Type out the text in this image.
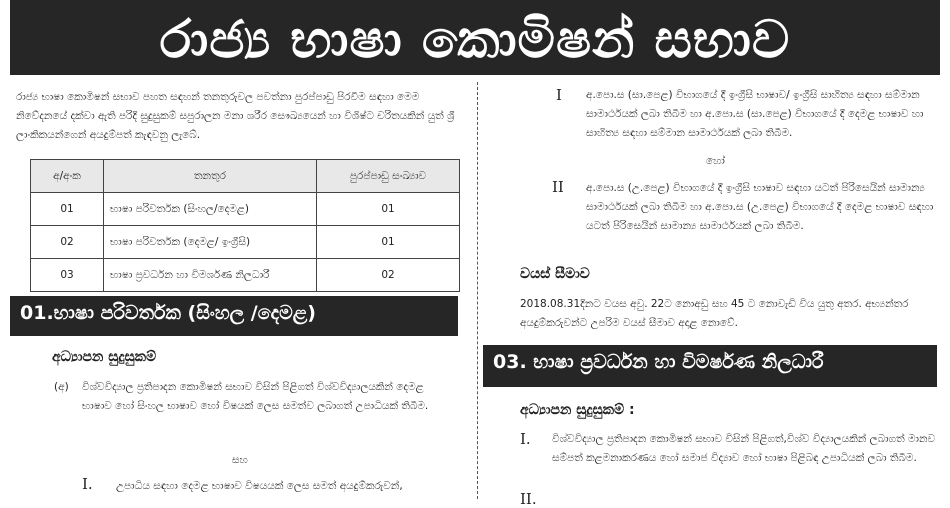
රාජ්‍ය භාෂා කොමිෂන් සභාව

රාජ්‍ය භාෂා කොමිෂන් සභාව පහත සඳහන් තනතුරුවල පවත්නා පුරප්පාඩු පිරවීම සඳහා මෙම නිවේදනයේ දක්වා ඇති පරිදි සුදුසුකම් සපුරාලන මනා ශරීර සෞඛ්‍යයෙන් හා විශිෂ්ට චරිතයකින් යුත් ශ්‍රී ලාංකිකයන්ගෙන් අයදුම්පත් කැඳවනු ලැබේ.

අ/අංක	තනතුර	පුරප්පාඩු සංඛ්‍යාව
01	භාෂා පරිවර්තක (සිංහල/දෙමළ)	01
02	භාෂා පරිවර්තක (දෙමළ/ ඉංග්‍රීසි)	01
03	භාෂා ප්‍රවර්ධන හා විමර්ශණ නිලධාරී	02
01.භාෂා පරිවර්තක (සිංහල /දෙමළ)
අධ්‍යාපන සුදුසුකම්
(අ) විශ්වවිද්‍යාල ප්‍රතිපාදන කොමිෂන් සභාව විසින් පිළිගත් විශ්වවිද්‍යාලයකින් දෙමළ භාෂාව හෝ සිංහල භාෂාව හෝ විෂයක් ලෙස සමත්ව ලබාගත් උපාධියක් තිබීම.
සහ
I. උපාධිය සඳහා දෙමළ භාෂාව විෂයයක් ලෙස සමත් අයදුම්කරුවන්,
I අ.පො.ස (සා.පෙළ) විභාගයේ දී ඉංග්‍රීසි භාෂාව/ ඉංග්‍රීසි සාහිත්‍ය සඳහා සම්මාන සාමාර්ථයක් ලබා තිබීම හා අ.පො.ස (සා.පෙළ) විභාගයේ දී දෙමළ භාෂාව හා සාහිත්‍ය සඳහා සම්මාන සාමාර්ථයක් ලබා තිබීම.
හෝ
II අ.පො.ස (උ.පෙළ) විභාගයේ දී ඉංග්‍රීසි භාෂාව සඳහා යටත් පිරිසෙයින් සාමාන්‍ය සාමාර්ථයක් ලබා තිබීම හා අ.පො.ස (උ.පෙළ) විභාගයේ දී දෙමළ භාෂාව සඳහා යටත් පිරිසෙයින් සාමාන්‍ය සාමාර්ථයක් ලබා තිබීම.
වයස් සීමාව
2018.08.31දිනට වයස අවු. 22ට නොඅඩු සහ 45 ට නොවැඩි විය යුතු අතර. අභ්‍යන්තර අයදුම්කරුවන්ට උපරිම වයස් සීමාව අදාළ නොවේ.
03. භාෂා ප්‍රවර්ධන හා විමර්ෂණ නිලධාරී
අධ්‍යාපන සුදුසුකම් :
I. විශ්වවිද්‍යාල ප්‍රතිපාදන කොමිෂන් සභාව විසින් පිළිගත්,විශ්ව විද්‍යාලයකින් ලබාගත් මානව සම්පත් කළමනාකරණය හෝ සමාජ විද්‍යාව හෝ භාෂා පිළිබඳ උපාධියක් ලබා තිබීම.
II.
